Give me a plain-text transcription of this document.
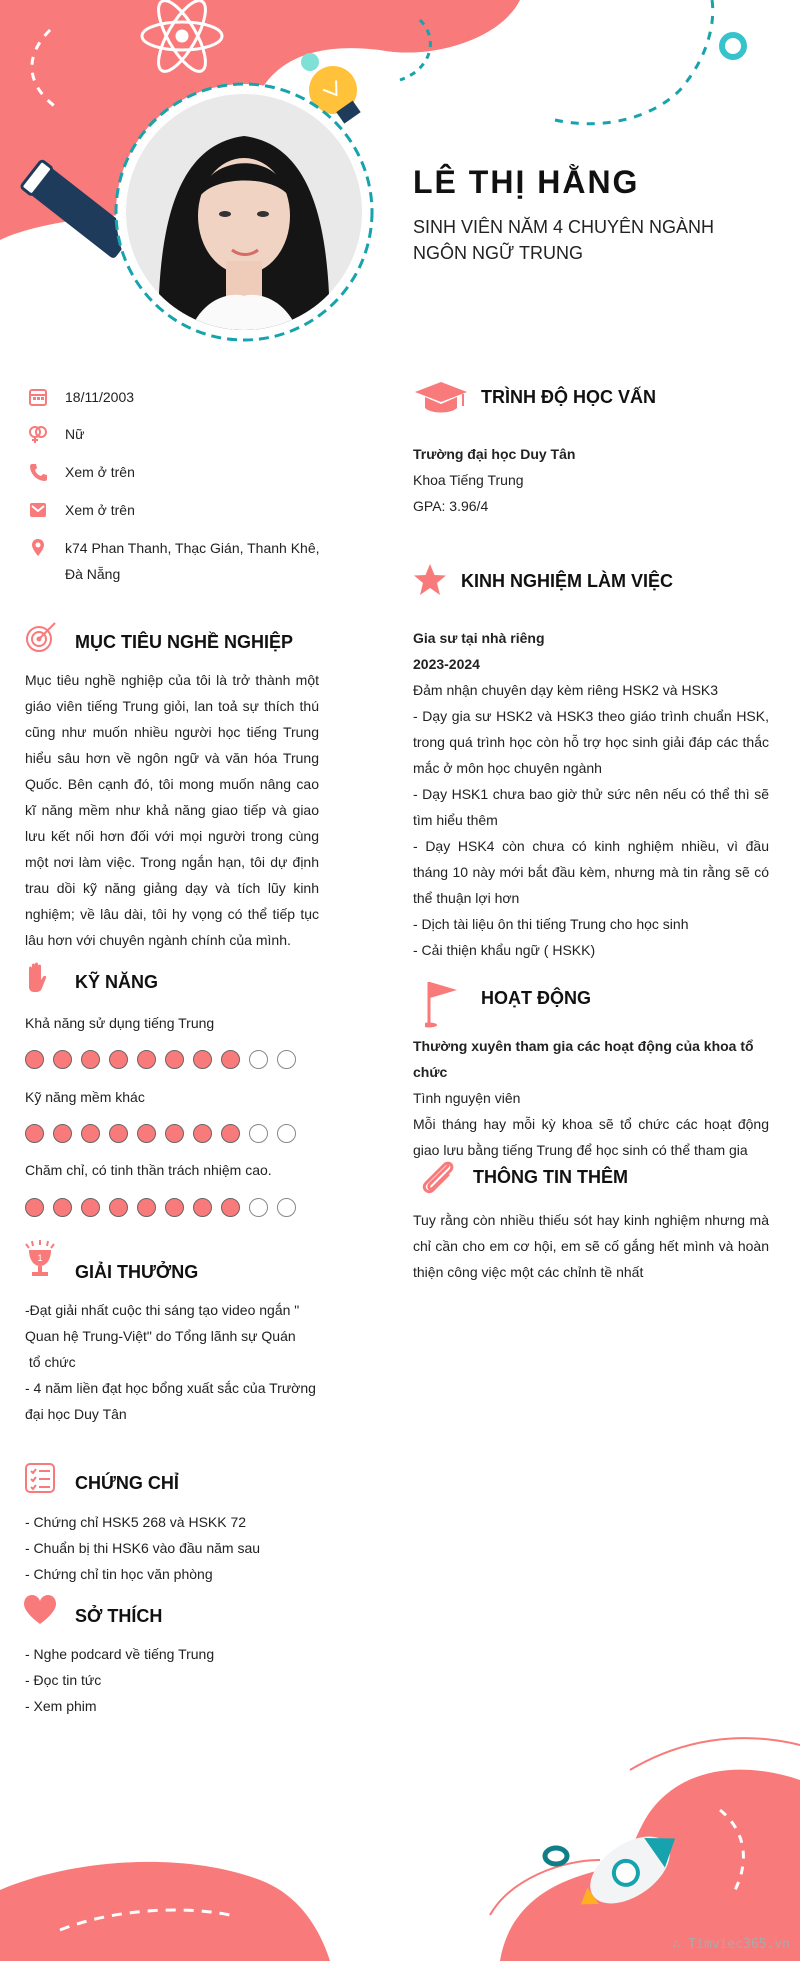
LÊ THỊ HẰNG
SINH VIÊN NĂM 4 CHUYÊN NGÀNH NGÔN NGỮ TRUNG
18/11/2003
Nữ
Xem ở trên
Xem ở trên
k74 Phan Thanh, Thạc Gián, Thanh Khê,
Đà Nẵng
MỤC TIÊU NGHỀ NGHIỆP
Mục tiêu nghề nghiệp của tôi là trở thành một giáo viên tiếng Trung giỏi, lan toả sự thích thú cũng như muốn nhiều người học tiếng Trung hiểu sâu hơn về ngôn ngữ và văn hóa Trung Quốc. Bên cạnh đó, tôi mong muốn nâng cao kĩ năng mềm như khả năng giao tiếp và giao lưu kết nối hơn đối với mọi người trong cùng một nơi làm việc. Trong ngắn hạn, tôi dự định trau dồi kỹ năng giảng dạy và tích lũy kinh nghiệm; về lâu dài, tôi hy vọng có thể tiếp tục lâu hơn với chuyên ngành chính của mình.
KỸ NĂNG
Khả năng sử dụng tiếng Trung
Kỹ năng mềm khác
Chăm chỉ, có tinh thần trách nhiệm cao.
1
GIẢI THƯỞNG
-Đạt giải nhất cuộc thi sáng tạo video ngắn "
Quan hệ Trung-Việt" do Tổng lãnh sự Quán
tổ chức
- 4 năm liền đạt học bổng xuất sắc của Trường
đại học Duy Tân
CHỨNG CHỈ
- Chứng chỉ HSK5 268 và HSKK 72
- Chuẩn bị thi HSK6 vào đầu năm sau
- Chứng chỉ tin học văn phòng
SỞ THÍCH
- Nghe podcard về tiếng Trung
- Đọc tin tức
- Xem phim
TRÌNH ĐỘ HỌC VẤN
Trường đại học Duy Tân
Khoa Tiếng Trung
GPA: 3.96/4
KINH NGHIỆM LÀM VIỆC
Gia sư tại nhà riêng
2023-2024
Đảm nhận chuyên dạy kèm riêng HSK2 và HSK3
- Dạy gia sư HSK2 và HSK3 theo giáo trình chuẩn HSK, trong quá trình học còn hỗ trợ học sinh giải đáp các thắc mắc ở môn học chuyên ngành
- Dạy HSK1 chưa bao giờ thử sức nên nếu có thể thì sẽ tìm hiểu thêm
- Dạy HSK4 còn chưa có kinh nghiệm nhiều, vì đầu tháng 10 này mới bắt đầu kèm, nhưng mà tin rằng sẽ có thể thuận lợi hơn
- Dịch tài liệu ôn thi tiếng Trung cho học sinh
- Cải thiện khẩu ngữ ( HSKK)
HOẠT ĐỘNG
Thường xuyên tham gia các hoạt động của khoa tổ chức
Tình nguyện viên
Mỗi tháng hay mỗi kỳ khoa sẽ tổ chức các hoạt động giao lưu bằng tiếng Trung để học sinh có thể tham gia
THÔNG TIN THÊM
Tuy rằng còn nhiều thiếu sót hay kinh nghiệm nhưng mà chỉ cần cho em cơ hội, em sẽ cố gắng hết mình và hoàn thiện công việc một các chỉnh tề nhất
∴ Timviec365.vn
